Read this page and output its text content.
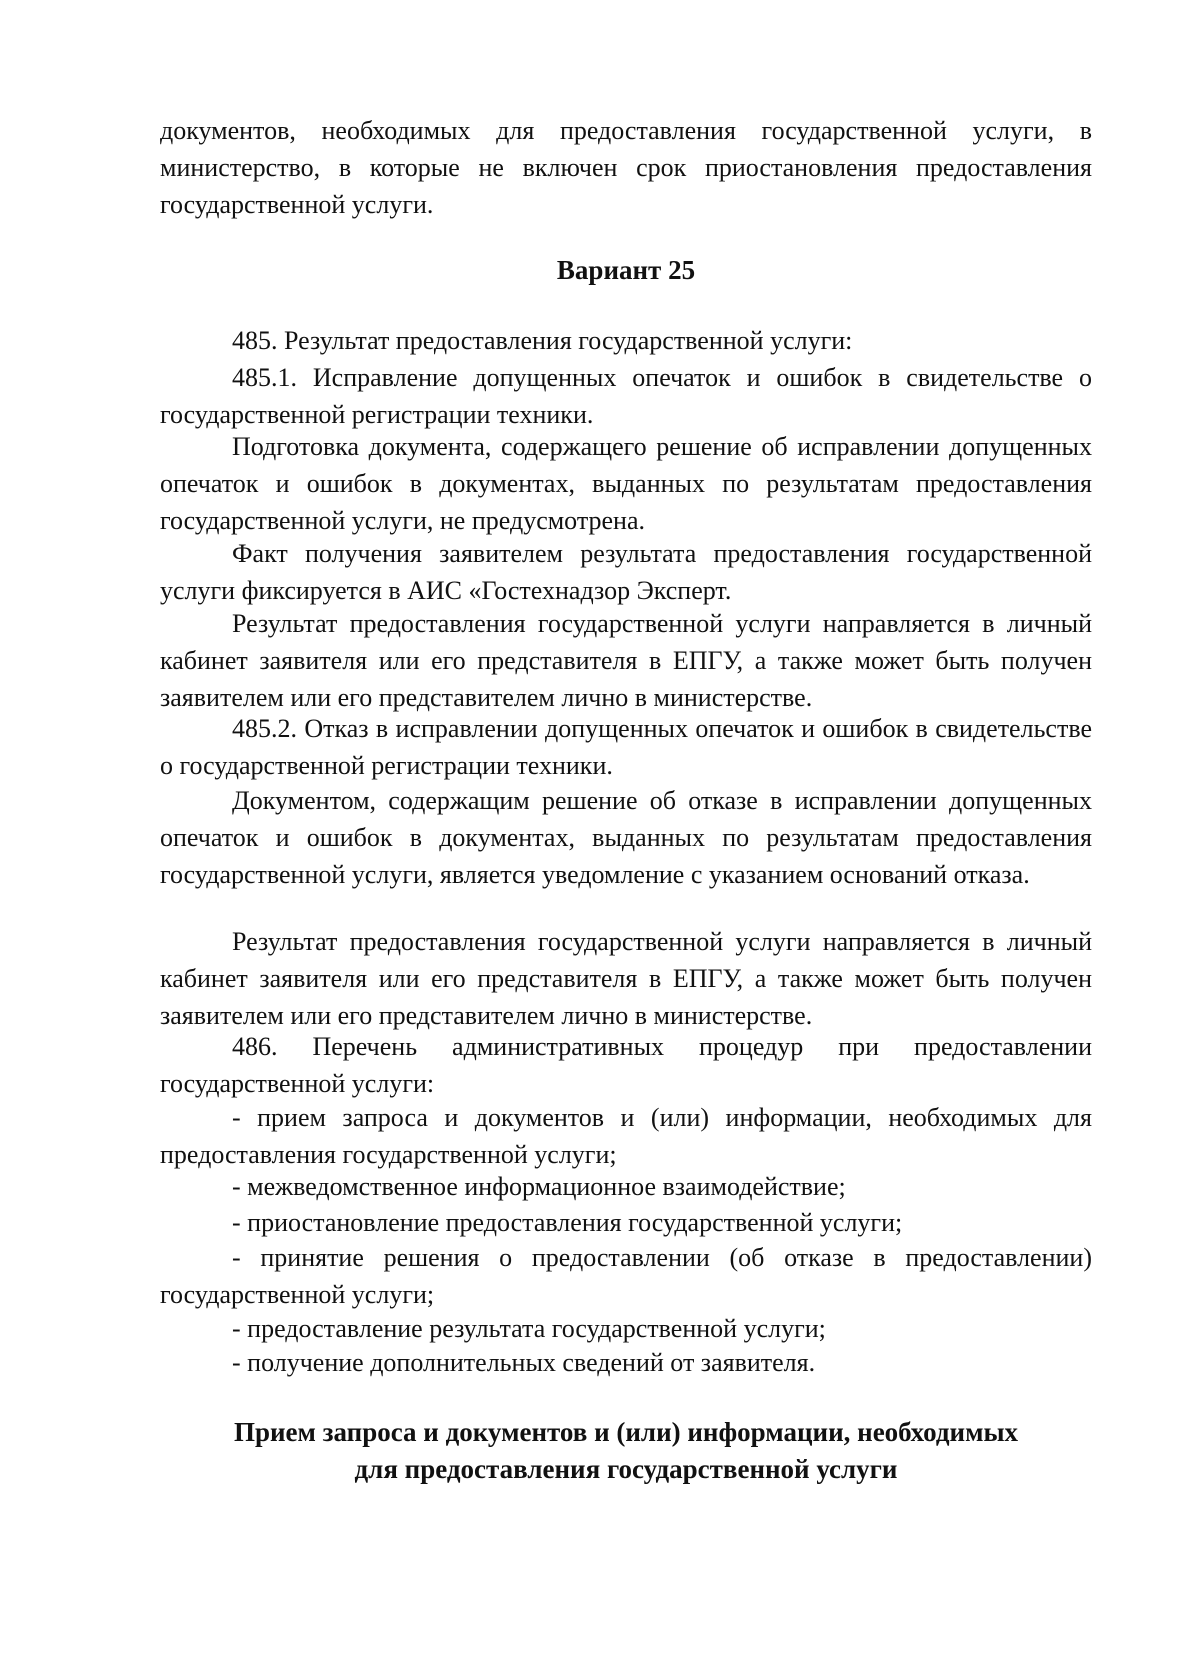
документов, необходимых для предоставления государственной услуги, в министерство, в которые не включен срок приостановления предоставления государственной услуги.

Вариант 25

485. Результат предоставления государственной услуги:

485.1. Исправление допущенных опечаток и ошибок в свидетельстве о государственной регистрации техники.

Подготовка документа, содержащего решение об исправлении допущенных опечаток и ошибок в документах, выданных по результатам предоставления государственной услуги, не предусмотрена.

Факт получения заявителем результата предоставления государственной услуги фиксируется в АИС «Гостехнадзор Эксперт.

Результат предоставления государственной услуги направляется в личный кабинет заявителя или его представителя в ЕПГУ, а также может быть получен заявителем или его представителем лично в министерстве.

485.2. Отказ в исправлении допущенных опечаток и ошибок в свидетельстве о государственной регистрации техники.

Документом, содержащим решение об отказе в исправлении допущенных опечаток и ошибок в документах, выданных по результатам предоставления государственной услуги, является уведомление с указанием оснований отказа.

Результат предоставления государственной услуги направляется в личный кабинет заявителя или его представителя в ЕПГУ, а также может быть получен заявителем или его представителем лично в министерстве.

486. Перечень административных процедур при предоставлении государственной услуги:

- прием запроса и документов и (или) информации, необходимых для предоставления государственной услуги;

- межведомственное информационное взаимодействие;

- приостановление предоставления государственной услуги;

- принятие решения о предоставлении (об отказе в предоставлении) государственной услуги;

- предоставление результата государственной услуги;

- получение дополнительных сведений от заявителя.

Прием запроса и документов и (или) информации, необходимых

для предоставления государственной услуги
